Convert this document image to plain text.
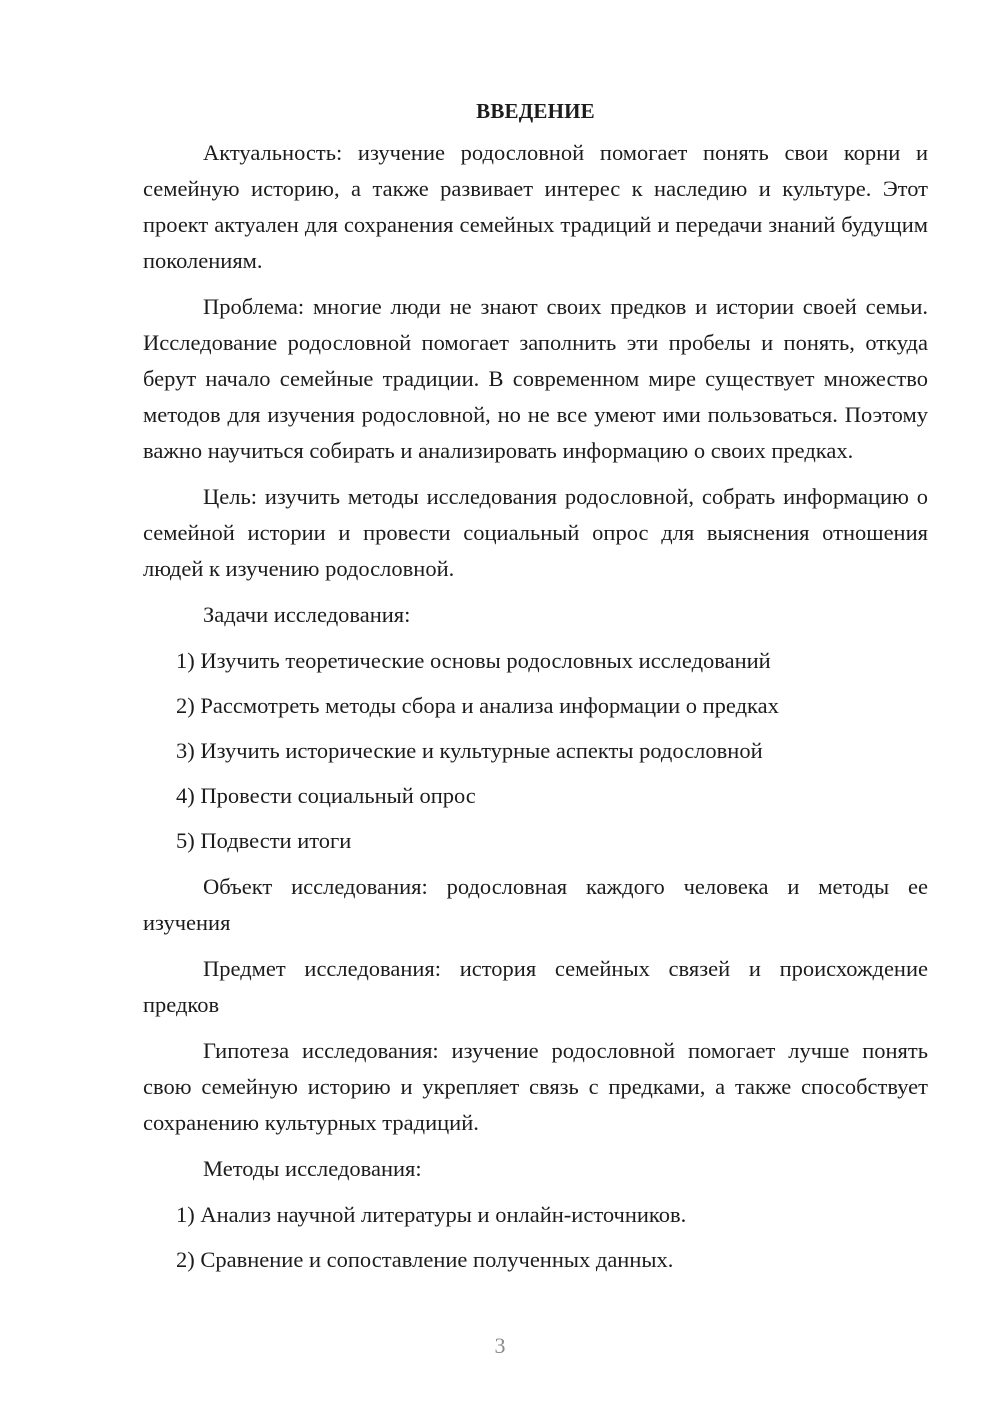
ВВЕДЕНИЕ

Актуальность: изучение родословной помогает понять свои корни и семейную историю, а также развивает интерес к наследию и культуре. Этот проект актуален для сохранения семейных традиций и передачи знаний будущим поколениям.

Проблема: многие люди не знают своих предков и истории своей семьи. Исследование родословной помогает заполнить эти пробелы и понять, откуда берут начало семейные традиции. В современном мире существует множество методов для изучения родословной, но не все умеют ими пользоваться. Поэтому важно научиться собирать и анализировать информацию о своих предках.

Цель: изучить методы исследования родословной, собрать информацию о семейной истории и провести социальный опрос для выяснения отношения людей к изучению родословной.

Задачи исследования:

1) Изучить теоретические основы родословных исследований
2) Рассмотреть методы сбора и анализа информации о предках
3) Изучить исторические и культурные аспекты родословной
4) Провести социальный опрос
5) Подвести итоги

Объект исследования: родословная каждого человека и методы ее изучения

Предмет исследования: история семейных связей и происхождение предков

Гипотеза исследования: изучение родословной помогает лучше понять свою семейную историю и укрепляет связь с предками, а также способствует сохранению культурных традиций.

Методы исследования:

1) Анализ научной литературы и онлайн-источников.
2) Сравнение и сопоставление полученных данных.
3
